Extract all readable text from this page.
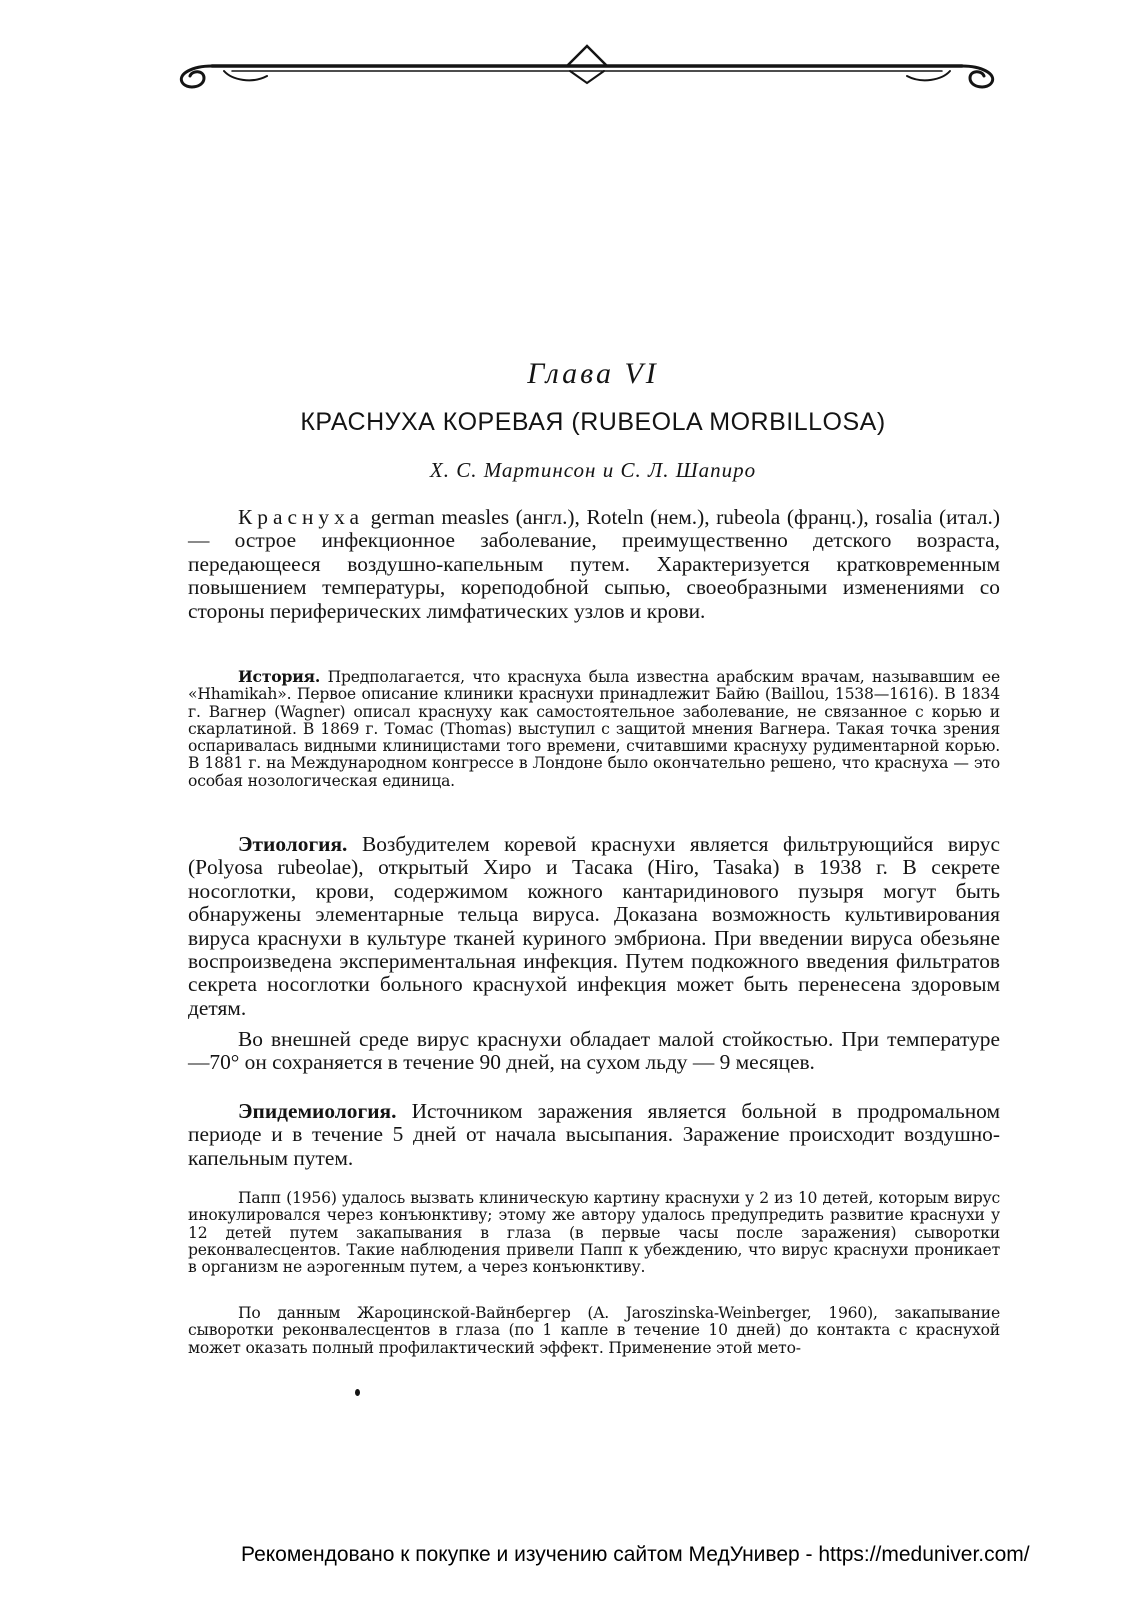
Глава VI
КРАСНУХА КОРЕВАЯ (RUBEOLA MORBILLOSA)
Х. С. Мартинсон и С. Л. Шапиро

Краснуха german measles (англ.), Roteln (нем.), rubeola (франц.), rosalia (итал.) — острое инфекционное заболевание, преимущественно детского возраста, передающееся воздушно-капельным путем. Характеризуется кратковременным повышением температуры, кореподобной сыпью, своеобразными изменениями со стороны периферических лимфатических узлов и крови.

История. Предполагается, что краснуха была известна арабским врачам, называвшим ее «Hhamikah». Первое описание клиники краснухи принадлежит Байю (Baillou, 1538—1616). В 1834 г. Вагнер (Wagner) описал краснуху как самостоятельное заболевание, не связанное с корью и скарлатиной. В 1869 г. Томас (Thomas) выступил с защитой мнения Вагнера. Такая точка зрения оспаривалась видными клиницистами того времени, считавшими краснуху рудиментарной корью. В 1881 г. на Международном конгрессе в Лондоне было окончательно решено, что краснуха — это особая нозологическая единица.

Этиология. Возбудителем коревой краснухи является фильтрующийся вирус (Polyosa rubeolae), открытый Хиро и Тасака (Hiro, Tasaka) в 1938 г. В секрете носоглотки, крови, содержимом кожного кантаридинового пузыря могут быть обнаружены элементарные тельца вируса. Доказана возможность культивирования вируса краснухи в культуре тканей куриного эмбриона. При введении вируса обезьяне воспроизведена экспериментальная инфекция. Путем подкожного введения фильтратов секрета носоглотки больного краснухой инфекция может быть перенесена здоровым детям.

Во внешней среде вирус краснухи обладает малой стойкостью. При температуре —70° он сохраняется в течение 90 дней, на сухом льду — 9 месяцев.

Эпидемиология. Источником заражения является больной в продромальном периоде и в течение 5 дней от начала высыпания. Заражение происходит воздушно-капельным путем.

Папп (1956) удалось вызвать клиническую картину краснухи у 2 из 10 детей, которым вирус инокулировался через конъюнктиву; этому же автору удалось предупредить развитие краснухи у 12 детей путем закапывания в глаза (в первые часы после заражения) сыворотки реконвалесцентов. Такие наблюдения привели Папп к убеждению, что вирус краснухи проникает в организм не аэрогенным путем, а через конъюнктиву.

По данным Жароцинской-Вайнбергер (A. Jaroszinska-Weinberger, 1960), закапывание сыворотки реконвалесцентов в глаза (по 1 капле в течение 10 дней) до контакта с краснухой может оказать полный профилактический эффект. Применение этой мето-

Рекомендовано к покупке и изучению сайтом МедУнивер - https://meduniver.com/
